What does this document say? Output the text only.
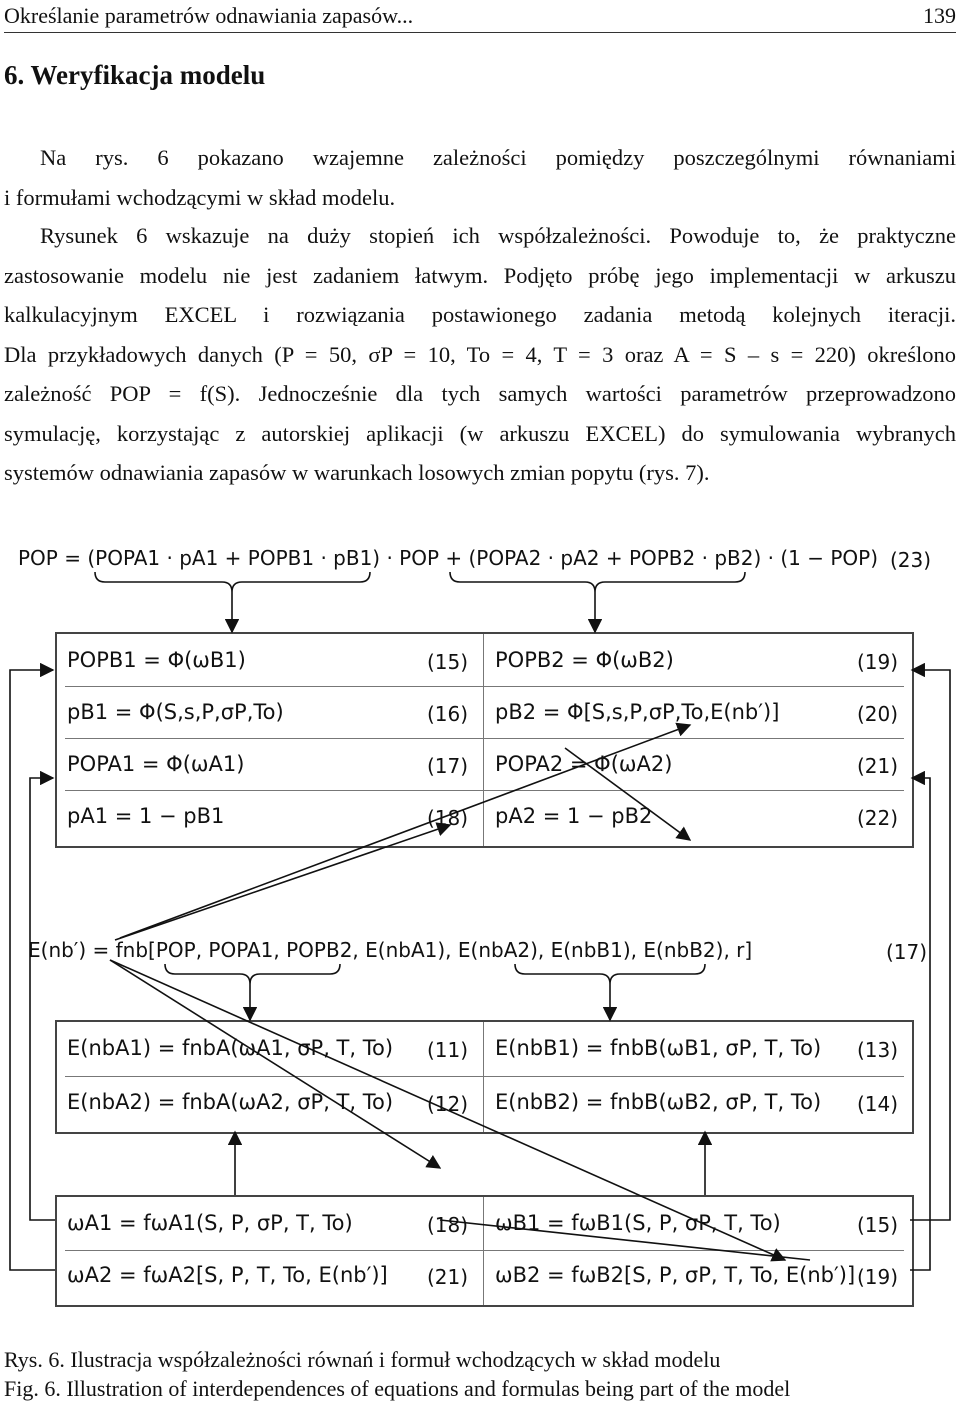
Określanie parametrów odnawiania zapasów...	139
6. Weryfikacja modelu
Na rys. 6 pokazano wzajemne zależności pomiędzy poszczególnymi równaniami
i formułami wchodzącymi w skład modelu.
Rysunek 6 wskazuje na duży stopień ich współzależności. Powoduje to, że praktyczne
zastosowanie modelu nie jest zadaniem łatwym. Podjęto próbę jego implementacji w arkuszu
kalkulacyjnym EXCEL i rozwiązania postawionego zadania metodą kolejnych iteracji.
Dla przykładowych danych (P = 50, σP = 10, To = 4, T = 3 oraz A = S – s = 220) określono
zależność POP = f(S). Jednocześnie dla tych samych wartości parametrów przeprowadzono
symulację, korzystając z autorskiej aplikacji (w arkuszu EXCEL) do symulowania wybranych
systemów odnawiania zapasów w warunkach losowych zmian popytu (rys. 7).
POP = (POPA1 · pA1 + POPB1 · pB1) · POP + (POPA2 · pA2 + POPB2 · pB2) · (1 − POP) (23)
POPB1 = Φ(ωB1)	(15)
pB1 = Φ(S,s,P,σP,To)	(16)
POPA1 = Φ(ωA1)	(17)
pA1 = 1 − pB1	(18)
POPB2 = Φ(ωB2)	(19)
pB2 = Φ[S,s,P,σP,To,E(nb′)]	(20)
POPA2 = Φ(ωA2)	(21)
pA2 = 1 − pB2	(22)
E(nb′) = fnb[POP, POPA1, POPB2, E(nbA1), E(nbA2), E(nbB1), E(nbB2), r]	(17)
E(nbA1) = fnbA(ωA1, σP, T, To) (11)
E(nbA2) = fnbA(ωA2, σP, T, To) (12)
E(nbB1) = fnbB(ωB1, σP, T, To) (13)
E(nbB2) = fnbB(ωB2, σP, T, To) (14)
ωA1 = fωA1(S, P, σP, T, To)	(18)
ωA2 = fωA2[S, P, T, To, E(nb′)] (21)
ωB1 = fωB1(S, P, σP, T, To)	(15)
ωB2 = fωB2[S, P, σP, T, To, E(nb′)] (19)
Rys. 6. Ilustracja współzależności równań i formuł wchodzących w skład modelu
Fig. 6. Illustration of interdependences of equations and formulas being part of the model
